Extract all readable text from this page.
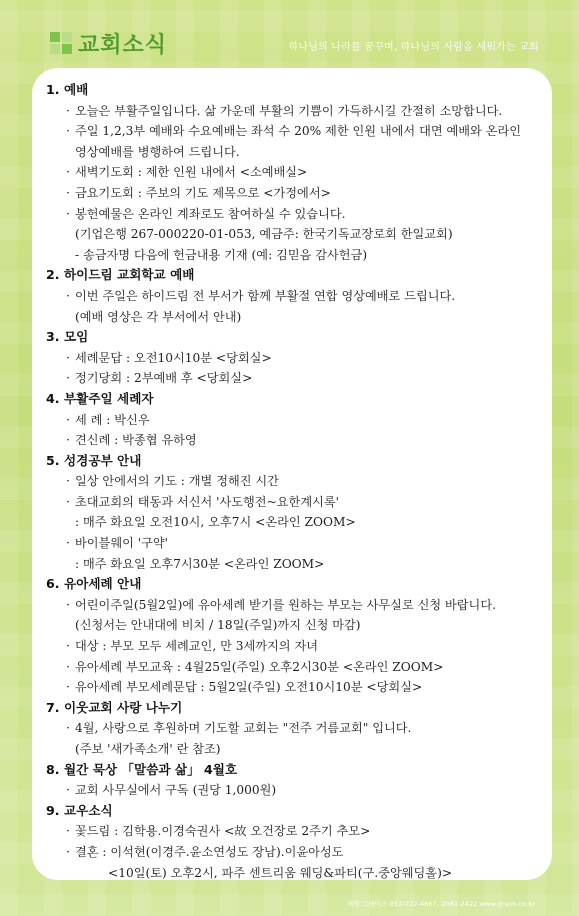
교회소식	하나님의 나라를 꿈꾸며, 하나님의 사람을 세워가는 교회
1. 예배
· 오늘은 부활주일입니다. 삶 가운데 부활의 기쁨이 가득하시길 간절히 소망합니다.
· 주일 1,2,3부 예배와 수요예배는 좌석 수 20% 제한 인원 내에서 대면 예배와 온라인
영상예배를 병행하여 드립니다.
· 새벽기도회 : 제한 인원 내에서 <소예배실>
· 금요기도회 : 주보의 기도 제목으로 <가정에서>
· 봉헌예물은 온라인 계좌로도 참여하실 수 있습니다.
(기업은행 267-000220-01-053, 예금주: 한국기독교장로회 한일교회)
- 송금자명 다음에 헌금내용 기재 (예: 김믿음 감사헌금)
2. 하이드림 교회학교 예배
· 이번 주일은 하이드림 전 부서가 함께 부활절 연합 영상예배로 드립니다.
(예배 영상은 각 부서에서 안내)
3. 모임
· 세례문답 : 오전10시10분 <당회실>
· 정기당회 : 2부예배 후 <당회실>
4. 부활주일 세례자
· 세 례 : 박신우
· 견신례 : 박종협 유하영
5. 성경공부 안내
· 일상 안에서의 기도 : 개별 정해진 시간
· 초대교회의 태동과 서신서 '사도행전~요한계시록'
: 매주 화요일 오전10시, 오후7시 <온라인 ZOOM>
· 바이블웨이 '구약'
: 매주 화요일 오후7시30분 <온라인 ZOOM>
6. 유아세례 안내
· 어린이주일(5월2일)에 유아세례 받기를 원하는 부모는 사무실로 신청 바랍니다.
(신청서는 안내대에 비치 / 18일(주일)까지 신청 마감)
· 대상 : 부모 모두 세례교인, 만 3세까지의 자녀
· 유아세례 부모교육 : 4월25일(주일) 오후2시30분 <온라인 ZOOM>
· 유아세례 부모세례문답 : 5월2일(주일) 오전10시10분 <당회실>
7. 이웃교회 사랑 나누기
· 4월, 사랑으로 후원하며 기도할 교회는 "전주 거름교회" 입니다.
(주보 '새가족소개' 란 참조)
8. 월간 묵상 「말씀과 삶」 4월호
· 교회 사무실에서 구독 (권당 1,000원)
9. 교우소식
· 꽃드림 : 김학용.이경숙권사 <故 오건장로 2주기 추모>
· 결혼 : 이석현(이경주.윤소연성도 장남).이윤아성도
<10일(토) 오후2시, 파주 센트리움 웨딩&파티(구.중앙웨딩홀)>
제작 그레이스 031)722-4667, 2061-2422 www.grsim.co.kr
